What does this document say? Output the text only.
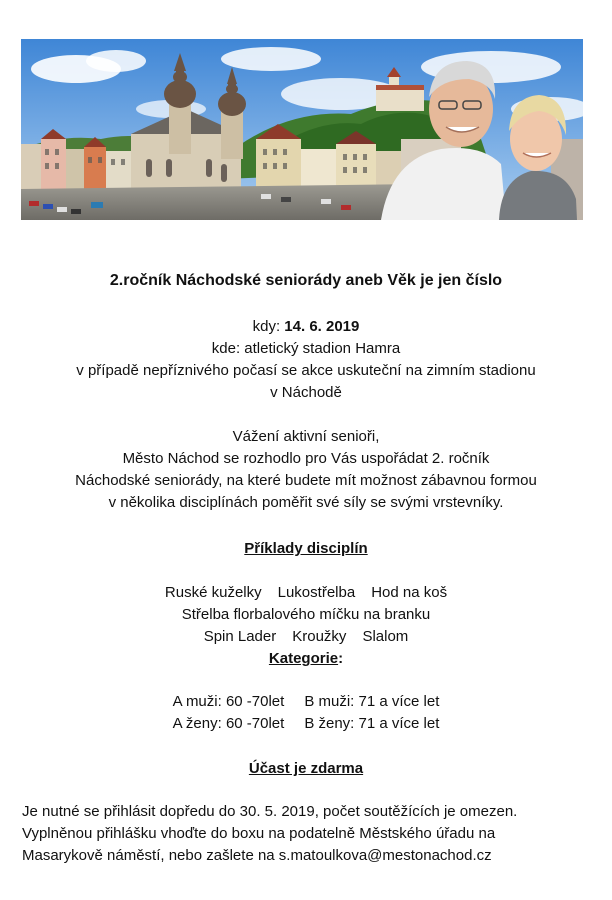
2.ročník Náchodské seniorády aneb Věk je jen číslo
kdy: 14. 6. 2019
kde: atletický stadion Hamra
v případě nepříznivého počasí se akce uskuteční na zimním stadionu
v Náchodě
Vážení aktivní senioři,
Město Náchod se rozhodlo pro Vás uspořádat 2. ročník
Náchodské seniorády, na které budete mít možnost zábavnou formou
v několika disciplínách poměřit své síly se svými vrstevníky.
Příklady disciplín
Ruské kuželky Lukostřelba Hod na koš
Střelba florbalového míčku na branku
Spin Lader Kroužky Slalom
Kategorie:
A muži: 60 -70let B muži: 71 a více let
A ženy: 60 -70let B ženy: 71 a více let
Účast je zdarma
Je nutné se přihlásit dopředu do 30. 5. 2019, počet soutěžících je omezen.
Vyplněnou přihlášku vhoďte do boxu na podatelně Městského úřadu na
Masarykově náměstí, nebo zašlete na s.matoulkova@mestonachod.cz
